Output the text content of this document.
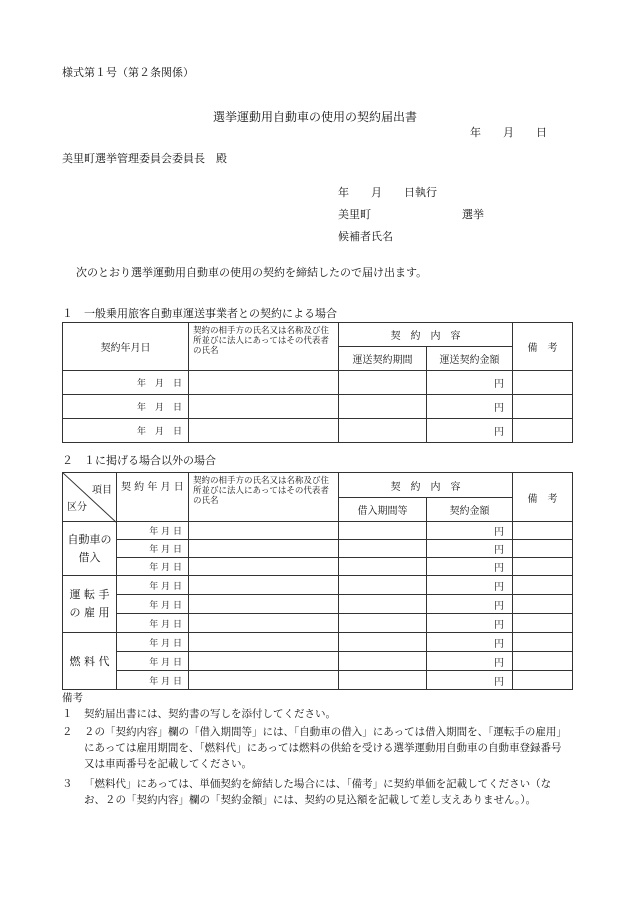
様式第１号（第２条関係）
選挙運動用自動車の使用の契約届出書
年　　月　　日
美里町選挙管理委員会委員長　殿
年　　月　　日執行
美里町	選挙
候補者氏名
次のとおり選挙運動用自動車の使用の契約を締結したので届け出ます。
１　一般乗用旅客自動車運送事業者との契約による場合
契約年月日	契約の相手方の氏名又は名称及び住所並びに法人にあってはその代表者の氏名	契　約　内　容		備　考
		運送契約期間	運送契約金額	
年　月　日			円	
年　月　日			円	
年　月　日			円	
２　１に掲げる場合以外の場合
項目
区分	契 約 年 月 日	契約の相手方の氏名又は名称及び住所並びに法人にあってはその代表者の氏名	契　約　内　容		備　考
			借入期間等	契約金額	
自動車の借入	年 月 日			円	
	年 月 日			円	
	年 月 日			円	
運 転 手の 雇 用	年 月 日			円	
	年 月 日			円	
	年 月 日			円	
燃 料 代	年 月 日			円	
	年 月 日			円	
	年 月 日			円	
備考
１ 契約届出書には、契約書の写しを添付してください。
２ ２の「契約内容」欄の「借入期間等」には、「自動車の借入」にあっては借入期間を、「運転手の雇用」にあっては雇用期間を、「燃料代」にあっては燃料の供給を受ける選挙運動用自動車の自動車登録番号又は車両番号を記載してください。
３ 「燃料代」にあっては、単価契約を締結した場合には、「備考」に契約単価を記載してください（なお、２の「契約内容」欄の「契約金額」には、契約の見込額を記載して差し支えありません。）。
